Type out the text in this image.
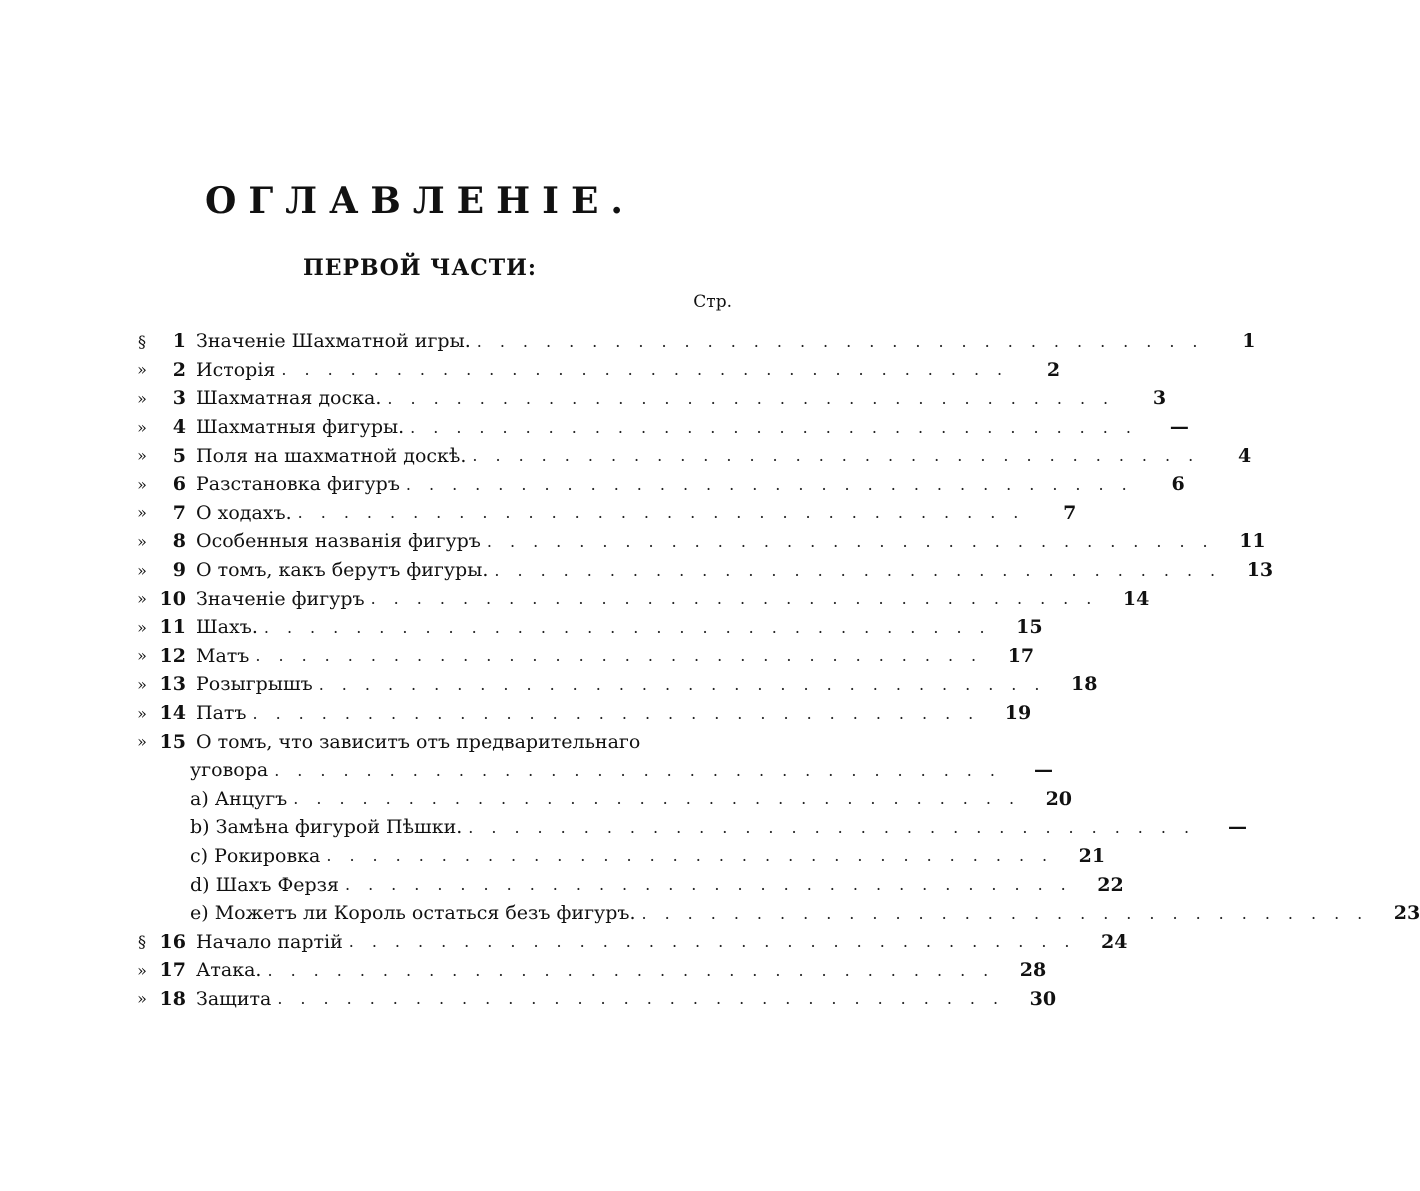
ОГЛАВЛЕНІЕ.
ПЕРВОЙ ЧАСТИ:
Стр.
§	1 Значеніе Шахматной игры. ................................	1
»	2 Исторія ................................	2
»	3 Шахматная доска. ................................	3
»	4 Шахматныя фигуры. ................................	—
»	5 Поля на шахматной доскѣ. ................................	4
»	6 Разстановка фигуръ ................................	6
»	7 О ходахъ. ................................	7
»	8 Особенныя названія фигуръ ................................ 11
»	9 О томъ, какъ берутъ фигуры. ................................ 13
» 10 Значеніе фигуръ ................................ 14
» 11 Шахъ. ................................ 15
» 12 Матъ ................................ 17
» 13 Розыгрышъ ................................ 18
» 14 Патъ ................................ 19
» 15 О томъ, что зависитъ отъ предварительнаго
уговора ................................	—
a) Анцугъ ................................ 20
b) Замѣна фигурой Пѣшки. ................................	—
c) Рокировка ................................ 21
d) Шахъ Ферзя ................................ 22
e) Можетъ ли Король остаться безъ фигуръ. ................................ 23
§ 16 Начало партій ................................ 24
» 17 Атака. ................................ 28
» 18 Защита ................................ 30
